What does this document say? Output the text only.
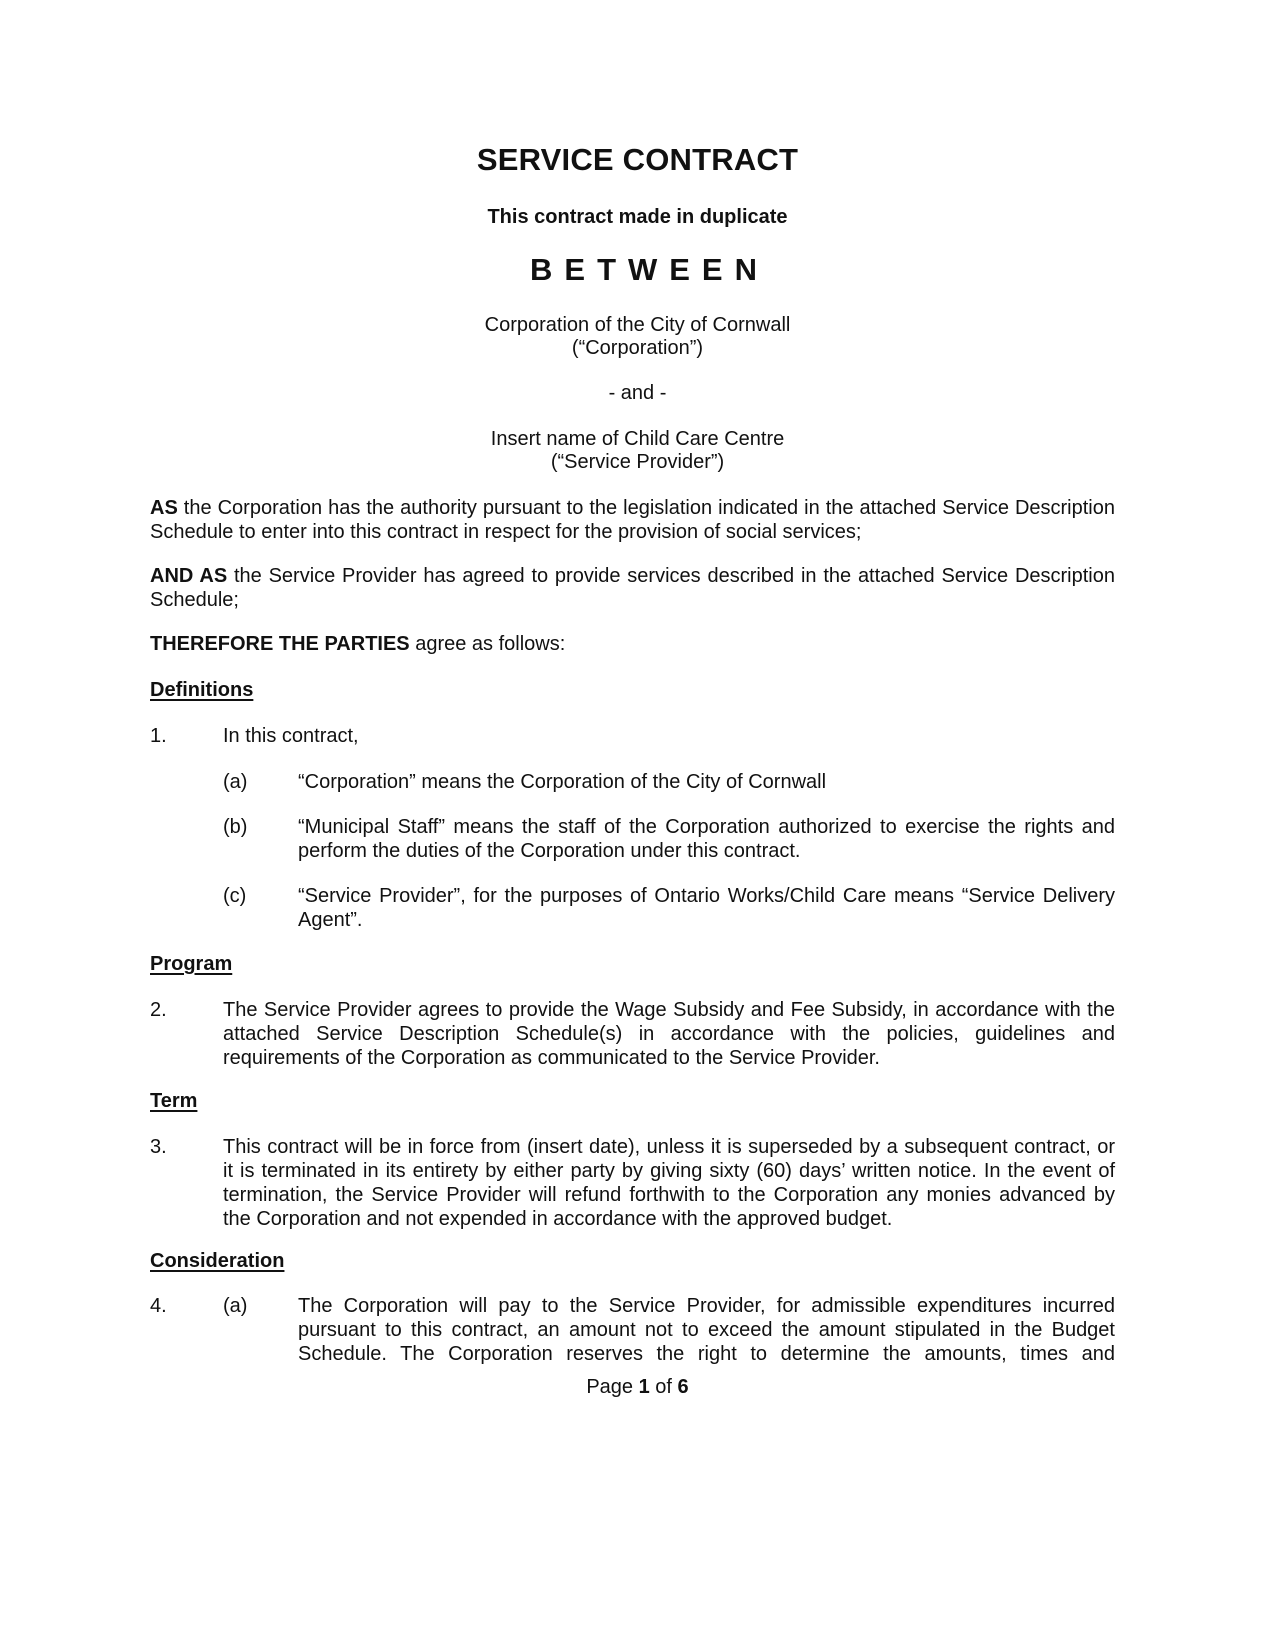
SERVICE CONTRACT
This contract made in duplicate
BETWEEN
Corporation of the City of Cornwall
(“Corporation”)
- and -
Insert name of Child Care Centre
(“Service Provider”)
AS the Corporation has the authority pursuant to the legislation indicated in the attached Service Description Schedule to enter into this contract in respect for the provision of social services;
AND AS the Service Provider has agreed to provide services described in the attached Service Description Schedule;
THEREFORE THE PARTIES agree as follows:
Definitions
1.	In this contract,
(a)	“Corporation” means the Corporation of the City of Cornwall
(b)	“Municipal Staff” means the staff of the Corporation authorized to exercise the rights and perform the duties of the Corporation under this contract.
(c)	“Service Provider”, for the purposes of Ontario Works/Child Care means “Service Delivery Agent”.
Program
2.	The Service Provider agrees to provide the Wage Subsidy and Fee Subsidy, in accordance with the attached Service Description Schedule(s) in accordance with the policies, guidelines and requirements of the Corporation as communicated to the Service Provider.
Term
3.	This contract will be in force from (insert date), unless it is superseded by a subsequent contract, or it is terminated in its entirety by either party by giving sixty (60) days’ written notice. In the event of termination, the Service Provider will refund forthwith to the Corporation any monies advanced by the Corporation and not expended in accordance with the approved budget.
Consideration
4.	(a)	The Corporation will pay to the Service Provider, for admissible expenditures incurred pursuant to this contract, an amount not to exceed the amount stipulated in the Budget Schedule. The Corporation reserves the right to determine the amounts, times and
Page 1 of 6
